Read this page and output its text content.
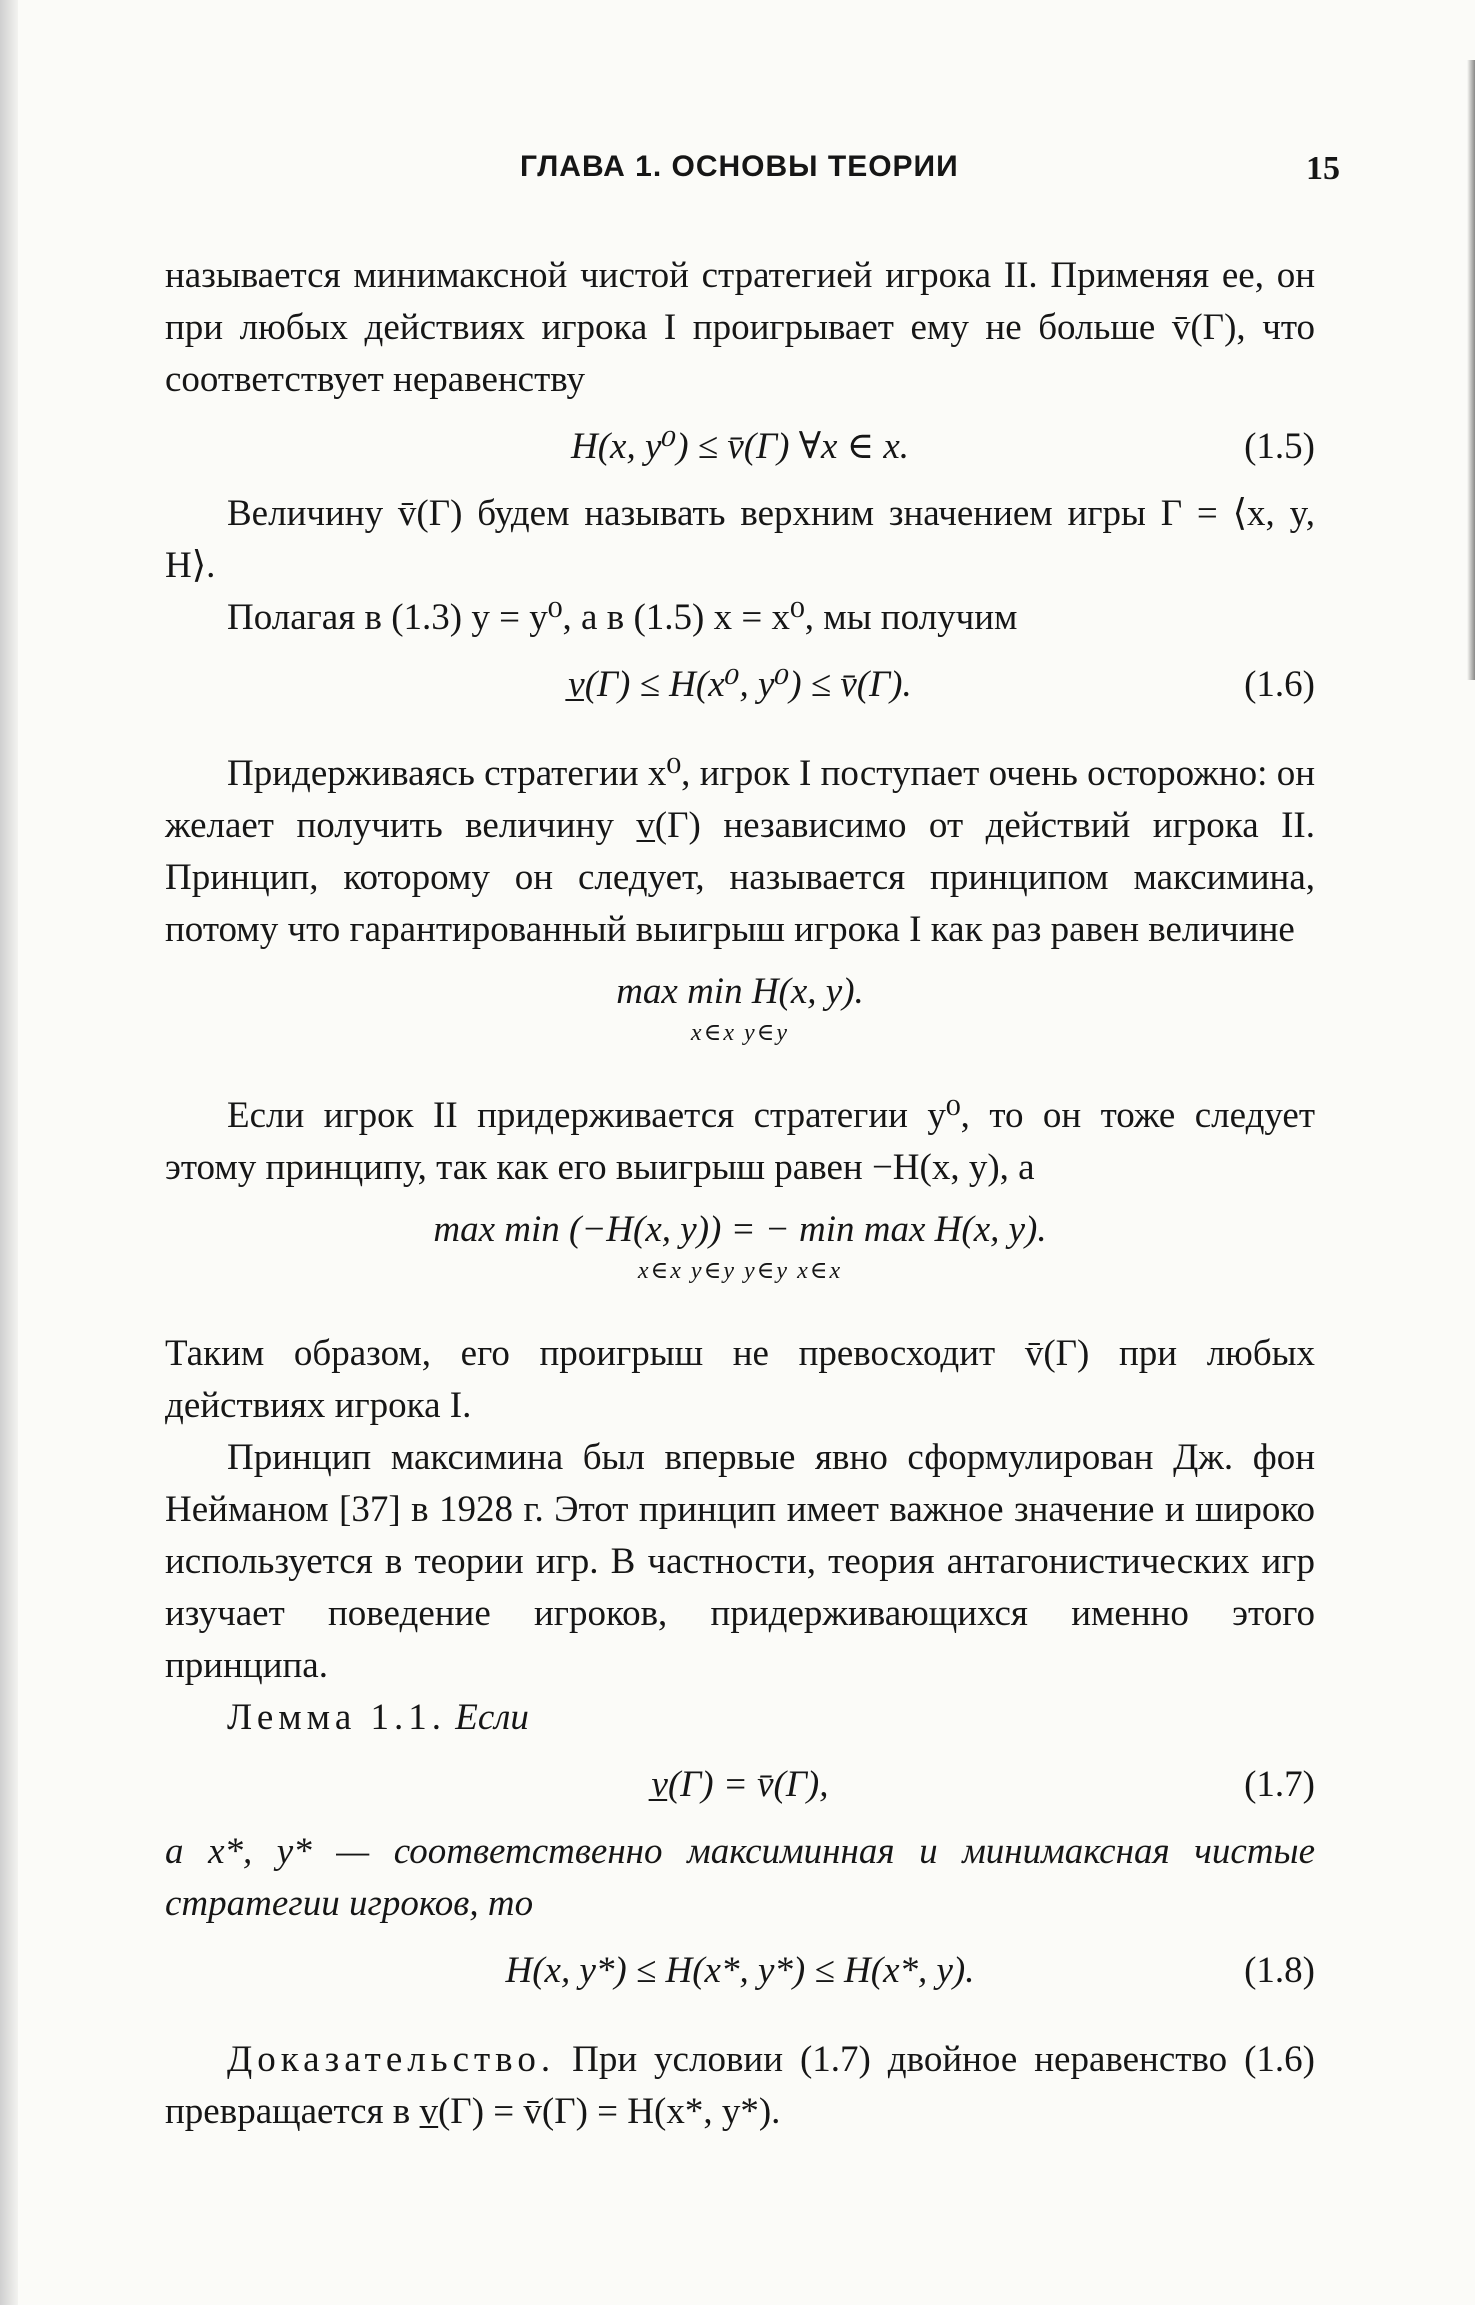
ГЛАВА 1. ОСНОВЫ ТЕОРИИ	15

называется минимаксной чистой стратегией игрока II. Применяя ее, он при любых действиях игрока I проигрывает ему не больше v̄(Г), что соответствует неравенству

H(x, y⁰) ≤ v̄(Г) ∀x ∈ x.	(1.5)

Величину v̄(Г) будем называть верхним значением игры Г = ⟨x, y, H⟩.

Полагая в (1.3) y = y⁰, а в (1.5) x = x⁰, мы получим

v̲(Г) ≤ H(x⁰, y⁰) ≤ v̄(Г).	(1.6)

Придерживаясь стратегии x⁰, игрок I поступает очень осторожно: он желает получить величину v̲(Г) независимо от действий игрока II. Принцип, которому он следует, называется принципом максимина, потому что гарантированный выигрыш игрока I как раз равен величине

max min H(x, y).
x∈x y∈y

Если игрок II придерживается стратегии y⁰, то он тоже следует этому принципу, так как его выигрыш равен −H(x, y), а

max min (−H(x, y)) = − min max H(x, y).
x∈x y∈y y∈y x∈x

Таким образом, его проигрыш не превосходит v̄(Г) при любых действиях игрока I.

Принцип максимина был впервые явно сформулирован Дж. фон Нейманом [37] в 1928 г. Этот принцип имеет важное значение и широко используется в теории игр. В частности, теория антагонистических игр изучает поведение игроков, придерживающихся именно этого принципа.

Лемма 1.1. Если

v̲(Г) = v̄(Г),	(1.7)

а x*, y* — соответственно максиминная и минимаксная чистые стратегии игроков, то

H(x, y*) ≤ H(x*, y*) ≤ H(x*, y).	(1.8)

Доказательство. При условии (1.7) двойное неравенство (1.6) превращается в v̲(Г) = v̄(Г) = H(x*, y*).
